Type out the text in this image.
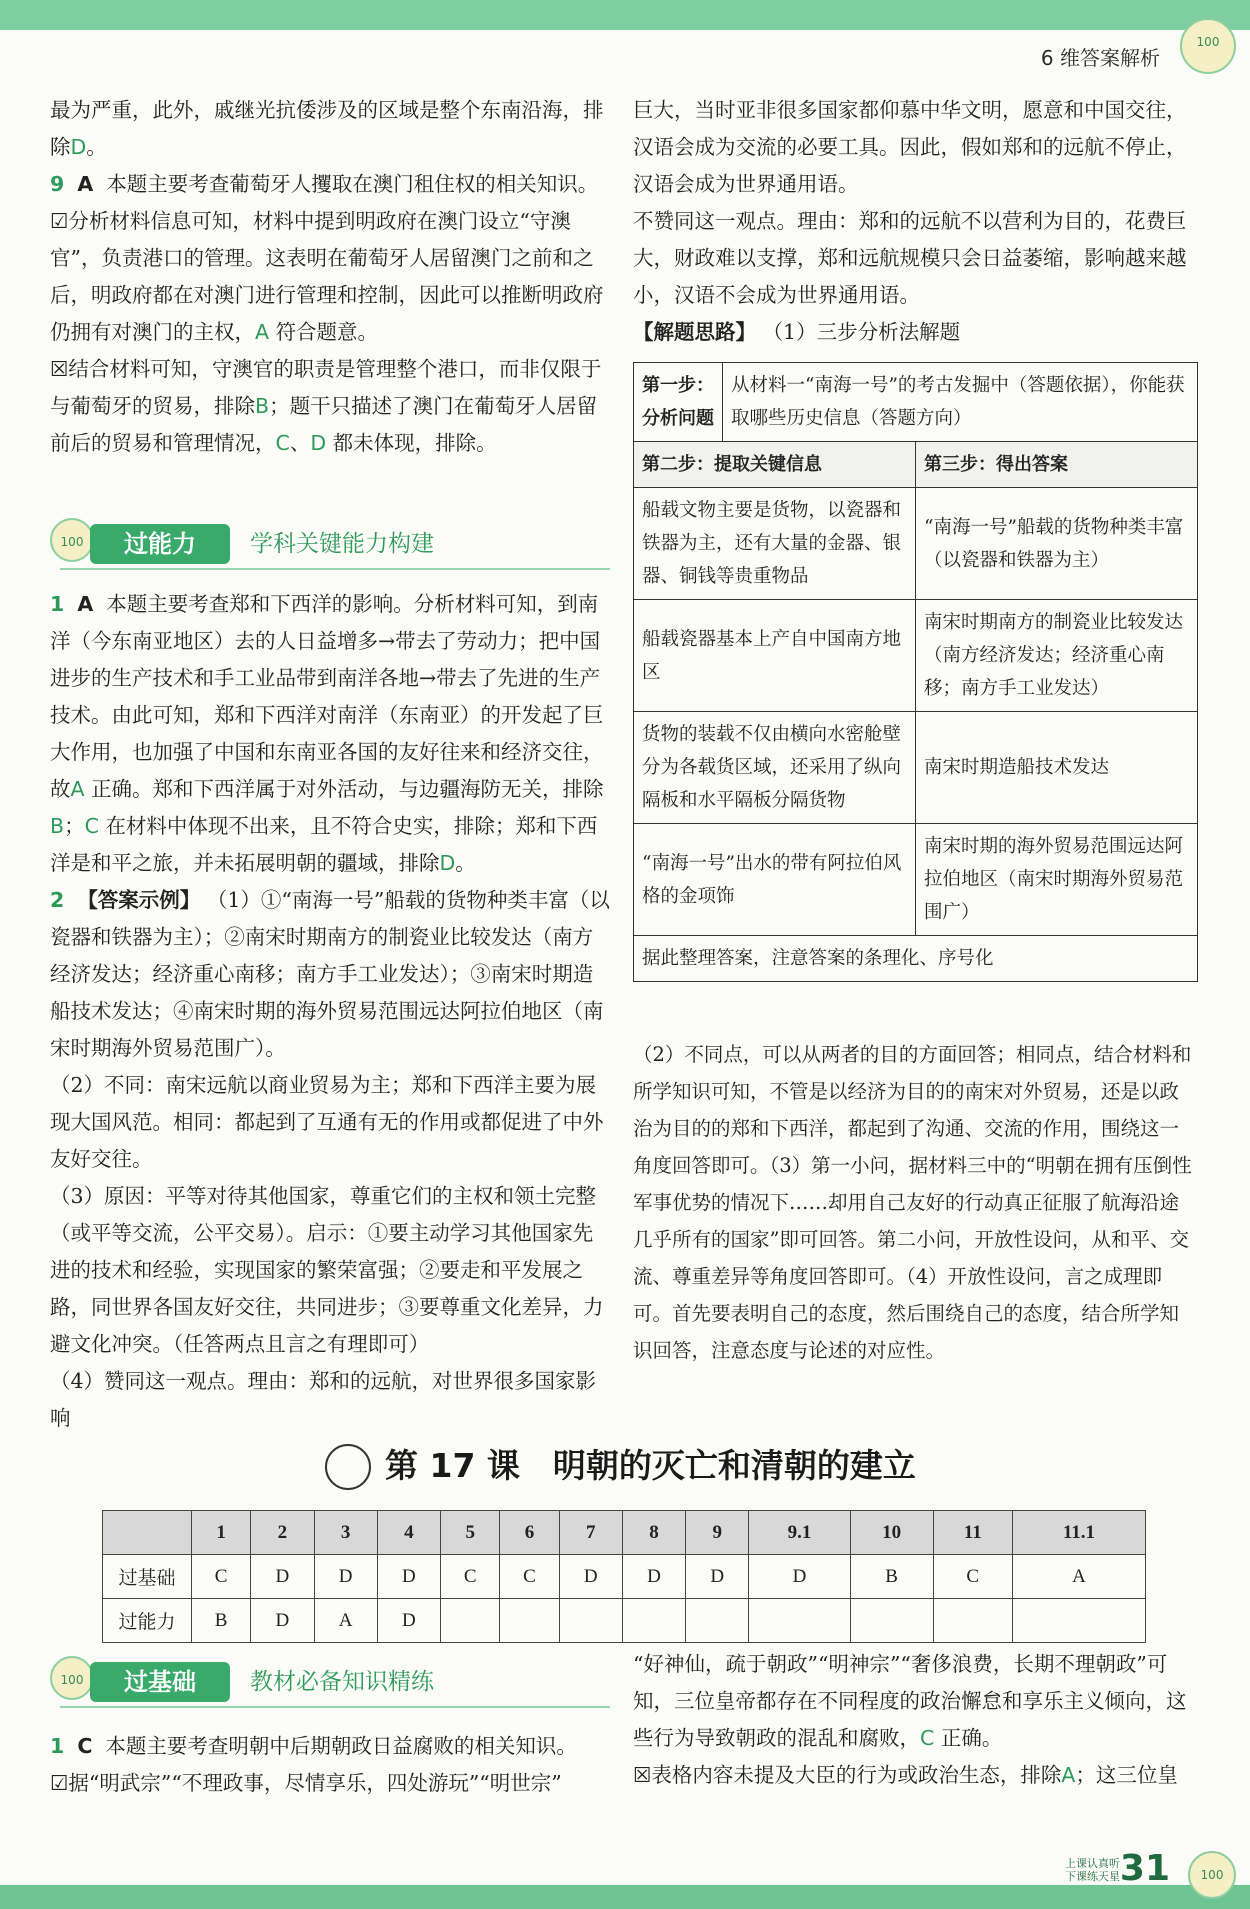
6 维答案解析
100

最为严重，此外，戚继光抗倭涉及的区域是整个东南沿海，排除D。

9 A 本题主要考查葡萄牙人攫取在澳门租住权的相关知识。

☑分析材料信息可知，材料中提到明政府在澳门设立“守澳官”，负责港口的管理。这表明在葡萄牙人居留澳门之前和之后，明政府都在对澳门进行管理和控制，因此可以推断明政府仍拥有对澳门的主权，A 符合题意。

☒结合材料可知，守澳官的职责是管理整个港口，而非仅限于与葡萄牙的贸易，排除B；题干只描述了澳门在葡萄牙人居留前后的贸易和管理情况，C、D 都未体现，排除。

100
过能力	学科关键能力构建

1 A 本题主要考查郑和下西洋的影响。分析材料可知，到南洋（今东南亚地区）去的人日益增多→带去了劳动力；把中国进步的生产技术和手工业品带到南洋各地→带去了先进的生产技术。由此可知，郑和下西洋对南洋（东南亚）的开发起了巨大作用，也加强了中国和东南亚各国的友好往来和经济交往，故A 正确。郑和下西洋属于对外活动，与边疆海防无关，排除B；C 在材料中体现不出来，且不符合史实，排除；郑和下西洋是和平之旅，并未拓展明朝的疆域，排除D。

2 【答案示例】 （1）①“南海一号”船载的货物种类丰富（以瓷器和铁器为主）；②南宋时期南方的制瓷业比较发达（南方经济发达；经济重心南移；南方手工业发达）；③南宋时期造船技术发达；④南宋时期的海外贸易范围远达阿拉伯地区（南宋时期海外贸易范围广）。

（2）不同：南宋远航以商业贸易为主；郑和下西洋主要为展现大国风范。相同：都起到了互通有无的作用或都促进了中外友好交往。

（3）原因：平等对待其他国家，尊重它们的主权和领土完整（或平等交流，公平交易）。启示：①要主动学习其他国家先进的技术和经验，实现国家的繁荣富强；②要走和平发展之路，同世界各国友好交往，共同进步；③要尊重文化差异，力避文化冲突。（任答两点且言之有理即可）

（4）赞同这一观点。理由：郑和的远航，对世界很多国家影响

巨大，当时亚非很多国家都仰慕中华文明，愿意和中国交往，汉语会成为交流的必要工具。因此，假如郑和的远航不停止，汉语会成为世界通用语。

不赞同这一观点。理由：郑和的远航不以营利为目的，花费巨大，财政难以支撑，郑和远航规模只会日益萎缩，影响越来越小，汉语不会成为世界通用语。

【解题思路】 （1）三步分析法解题

第一步：
分析问题	从材料一“南海一号”的考古发掘中（答题依据），你能获取哪些历史信息（答题方向）	
第二步：提取关键信息		第三步：得出答案
船载文物主要是货物，以瓷器和铁器为主，还有大量的金器、银器、铜钱等贵重物品		“南海一号”船载的货物种类丰富（以瓷器和铁器为主）
船载瓷器基本上产自中国南方地区		南宋时期南方的制瓷业比较发达（南方经济发达；经济重心南移；南方手工业发达）
货物的装载不仅由横向水密舱壁分为各载货区域，还采用了纵向隔板和水平隔板分隔货物		南宋时期造船技术发达
“南海一号”出水的带有阿拉伯风格的金项饰		南宋时期的海外贸易范围远达阿拉伯地区（南宋时期海外贸易范围广）
据此整理答案，注意答案的条理化、序号化		

（2）不同点，可以从两者的目的方面回答；相同点，结合材料和所学知识可知，不管是以经济为目的的南宋对外贸易，还是以政治为目的的郑和下西洋，都起到了沟通、交流的作用，围绕这一角度回答即可。（3）第一小问，据材料三中的“明朝在拥有压倒性军事优势的情况下……却用自己友好的行动真正征服了航海沿途几乎所有的国家”即可回答。第二小问，开放性设问，从和平、交流、尊重差异等角度回答即可。（4）开放性设问，言之成理即可。首先要表明自己的态度，然后围绕自己的态度，结合所学知识回答，注意态度与论述的对应性。

第 17 课　明朝的灭亡和清朝的建立
	1	2	3	4	5	6	7	8	9	9.1	10	11	11.1
过基础	C	D	D	D	C	C	D	D	D	D	B	C	A
过能力	B	D	A	D									
100
过基础	教材必备知识精练

1 C 本题主要考查明朝中后期朝政日益腐败的相关知识。

☑据“明武宗”“不理政事，尽情享乐，四处游玩”“明世宗”

“好神仙，疏于朝政”“明神宗”“奢侈浪费，长期不理朝政”可知，三位皇帝都存在不同程度的政治懈怠和享乐主义倾向，这些行为导致朝政的混乱和腐败，C 正确。

☒表格内容未提及大臣的行为或政治生态，排除A；这三位皇

上课认真听
下课练天星 31
100
